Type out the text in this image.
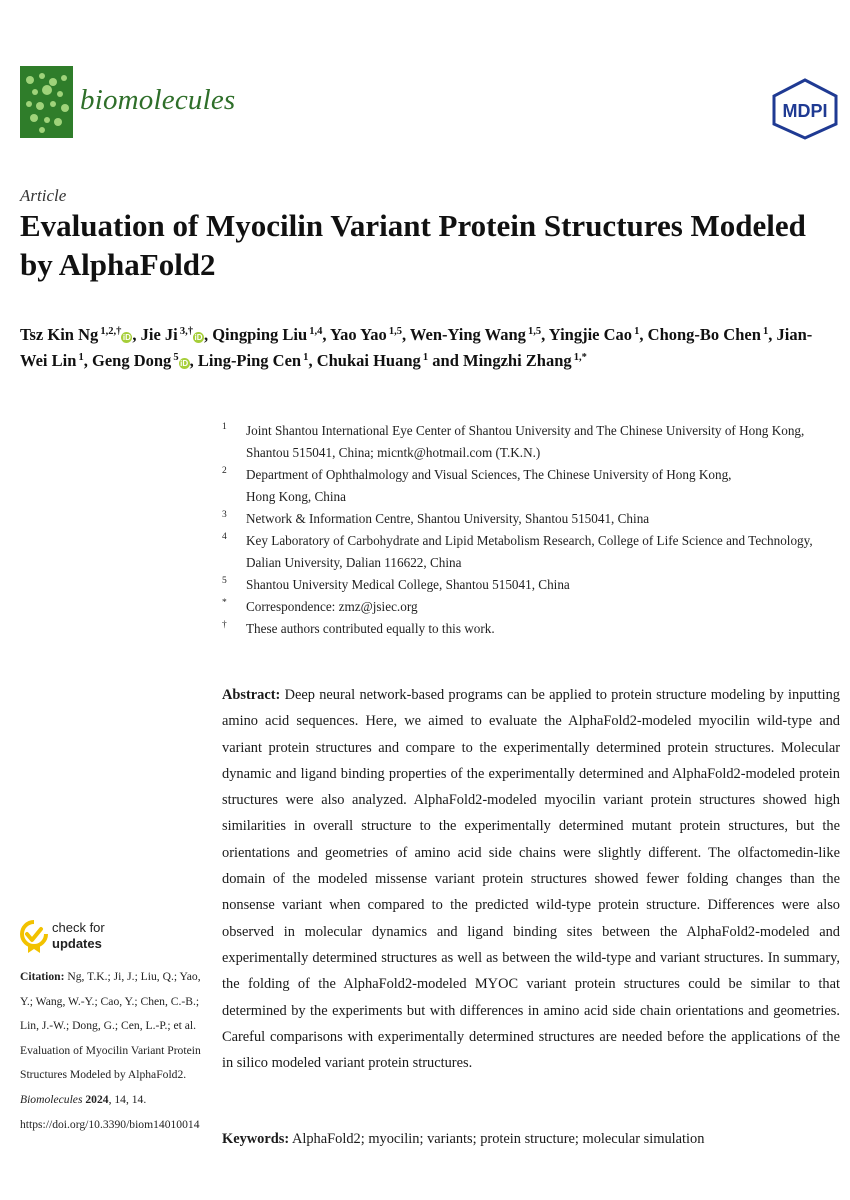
biomolecules	MDPI
Article
Evaluation of Myocilin Variant Protein Structures Modeled by AlphaFold2
Tsz Kin Ng $^{1,2,\dagger}$iD, Jie Ji $^{3,\dagger}$iD, Qingping Liu $^{1,4}$, Yao Yao $^{1,5}$, Wen-Ying Wang $^{1,5}$, Yingjie Cao $^1$, Chong-Bo Chen $^1$, Jian-Wei Lin $^1$, Geng Dong $^5$iD, Ling-Ping Cen $^1$, Chukai Huang $^1$ and Mingzhi Zhang $^{1,*}$
1 Joint Shantou International Eye Center of Shantou University and The Chinese University of Hong Kong,
Shantou 515041, China; micntk@hotmail.com (T.K.N.)
2 Department of Ophthalmology and Visual Sciences, The Chinese University of Hong Kong,
Hong Kong, China
3 Network & Information Centre, Shantou University, Shantou 515041, China
4 Key Laboratory of Carbohydrate and Lipid Metabolism Research, College of Life Science and Technology,
Dalian University, Dalian 116622, China
5 Shantou University Medical College, Shantou 515041, China
* Correspondence: zmz@jsiec.org
† These authors contributed equally to this work.
Abstract: Deep neural network-based programs can be applied to protein structure modeling by inputting amino acid sequences. Here, we aimed to evaluate the AlphaFold2-modeled myocilin wild-type and variant protein structures and compare to the experimentally determined protein structures. Molecular dynamic and ligand binding properties of the experimentally determined and AlphaFold2-modeled protein structures were also analyzed. AlphaFold2-modeled myocilin variant protein structures showed high similarities in overall structure to the experimentally determined mutant protein structures, but the orientations and geometries of amino acid side chains were slightly different. The olfactomedin-like domain of the modeled missense variant protein structures showed fewer folding changes than the nonsense variant when compared to the predicted wild-type protein structure. Differences were also observed in molecular dynamics and ligand binding sites between the AlphaFold2-modeled and experimentally determined structures as well as between the wild-type and variant structures. In summary, the folding of the AlphaFold2-modeled MYOC variant protein structures could be similar to that determined by the experiments but with differences in amino acid side chain orientations and geometries. Careful comparisons with experimentally determined structures are needed before the applications of the in silico modeled variant protein structures.
Keywords: AlphaFold2; myocilin; variants; protein structure; molecular simulation
check for
updates
Citation: Ng, T.K.; Ji, J.; Liu, Q.; Yao, Y.; Wang, W.-Y.; Cao, Y.; Chen, C.-B.; Lin, J.-W.; Dong, G.; Cen, L.-P.; et al. Evaluation of Myocilin Variant Protein Structures Modeled by AlphaFold2. Biomolecules 2024, 14, 14. https://doi.org/10.3390/biom14010014
